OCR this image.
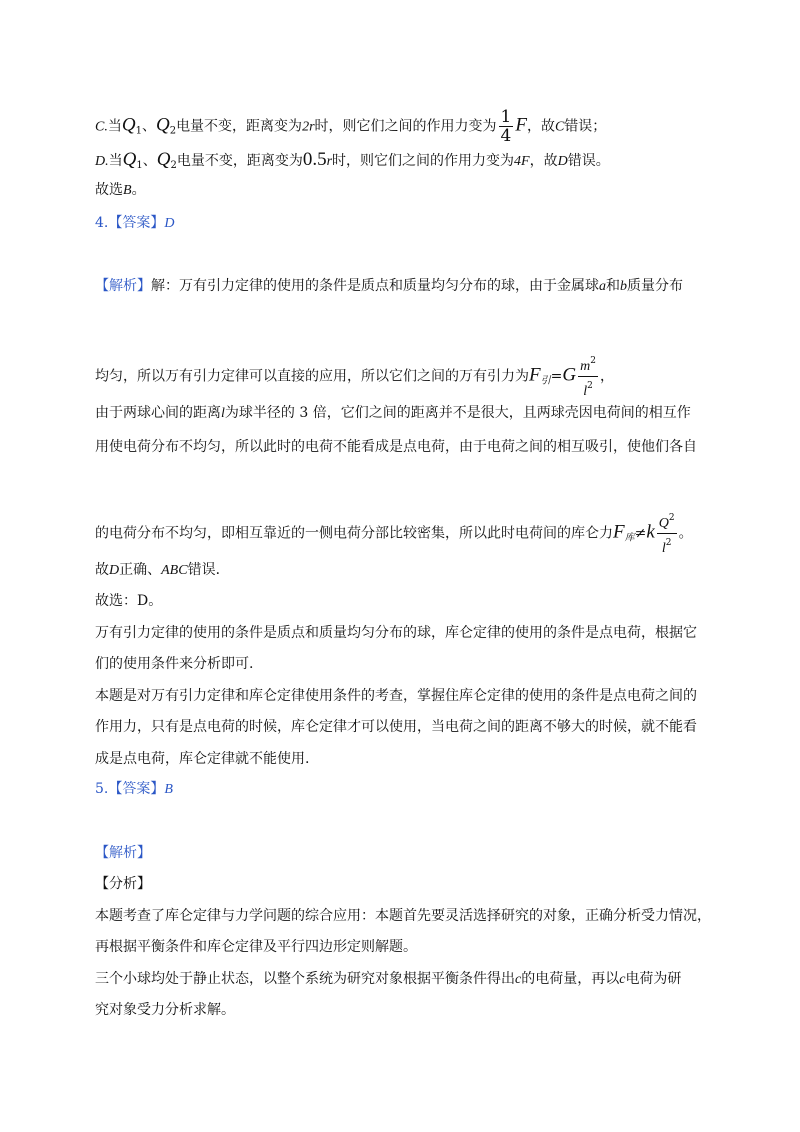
C.当$Q_1$、$Q_2$电量不变，距离变为2r时，则它们之间的作用力变为 $\frac{1}{4}$ F，故C错误；
D.当$Q_1$、$Q_2$电量不变，距离变为0.5r时，则它们之间的作用力变为4F，故D错误。
故选B。
4.【答案】D
【解析】解：万有引力定律的使用的条件是质点和质量均匀分布的球，由于金属球a和b质量分布
均匀，所以万有引力定律可以直接的应用，所以它们之间的万有引力为$F_引=G \frac{m^2}{l^2}$ ，
由于两球心间的距离l为球半径的 3 倍，它们之间的距离并不是很大，且两球壳因电荷间的相互作
用使电荷分布不均匀，所以此时的电荷不能看成是点电荷，由于电荷之间的相互吸引，使他们各自
的电荷分布不均匀，即相互靠近的一侧电荷分部比较密集，所以此时电荷间的库仑力$F_库\ne k \frac{Q^2}{l^2}$ 。
故D正确、ABC错误．
故选：D。
万有引力定律的使用的条件是质点和质量均匀分布的球，库仑定律的使用的条件是点电荷，根据它
们的使用条件来分析即可.
本题是对万有引力定律和库仑定律使用条件的考查，掌握住库仑定律的使用的条件是点电荷之间的
作用力，只有是点电荷的时候，库仑定律才可以使用，当电荷之间的距离不够大的时候，就不能看
成是点电荷，库仑定律就不能使用.
5.【答案】B
【解析】
【分析】
本题考查了库仑定律与力学问题的综合应用：本题首先要灵活选择研究的对象，正确分析受力情况，
再根据平衡条件和库仑定律及平行四边形定则解题。
三个小球均处于静止状态，以整个系统为研究对象根据平衡条件得出c的电荷量，再以c电荷为研
究对象受力分析求解。
